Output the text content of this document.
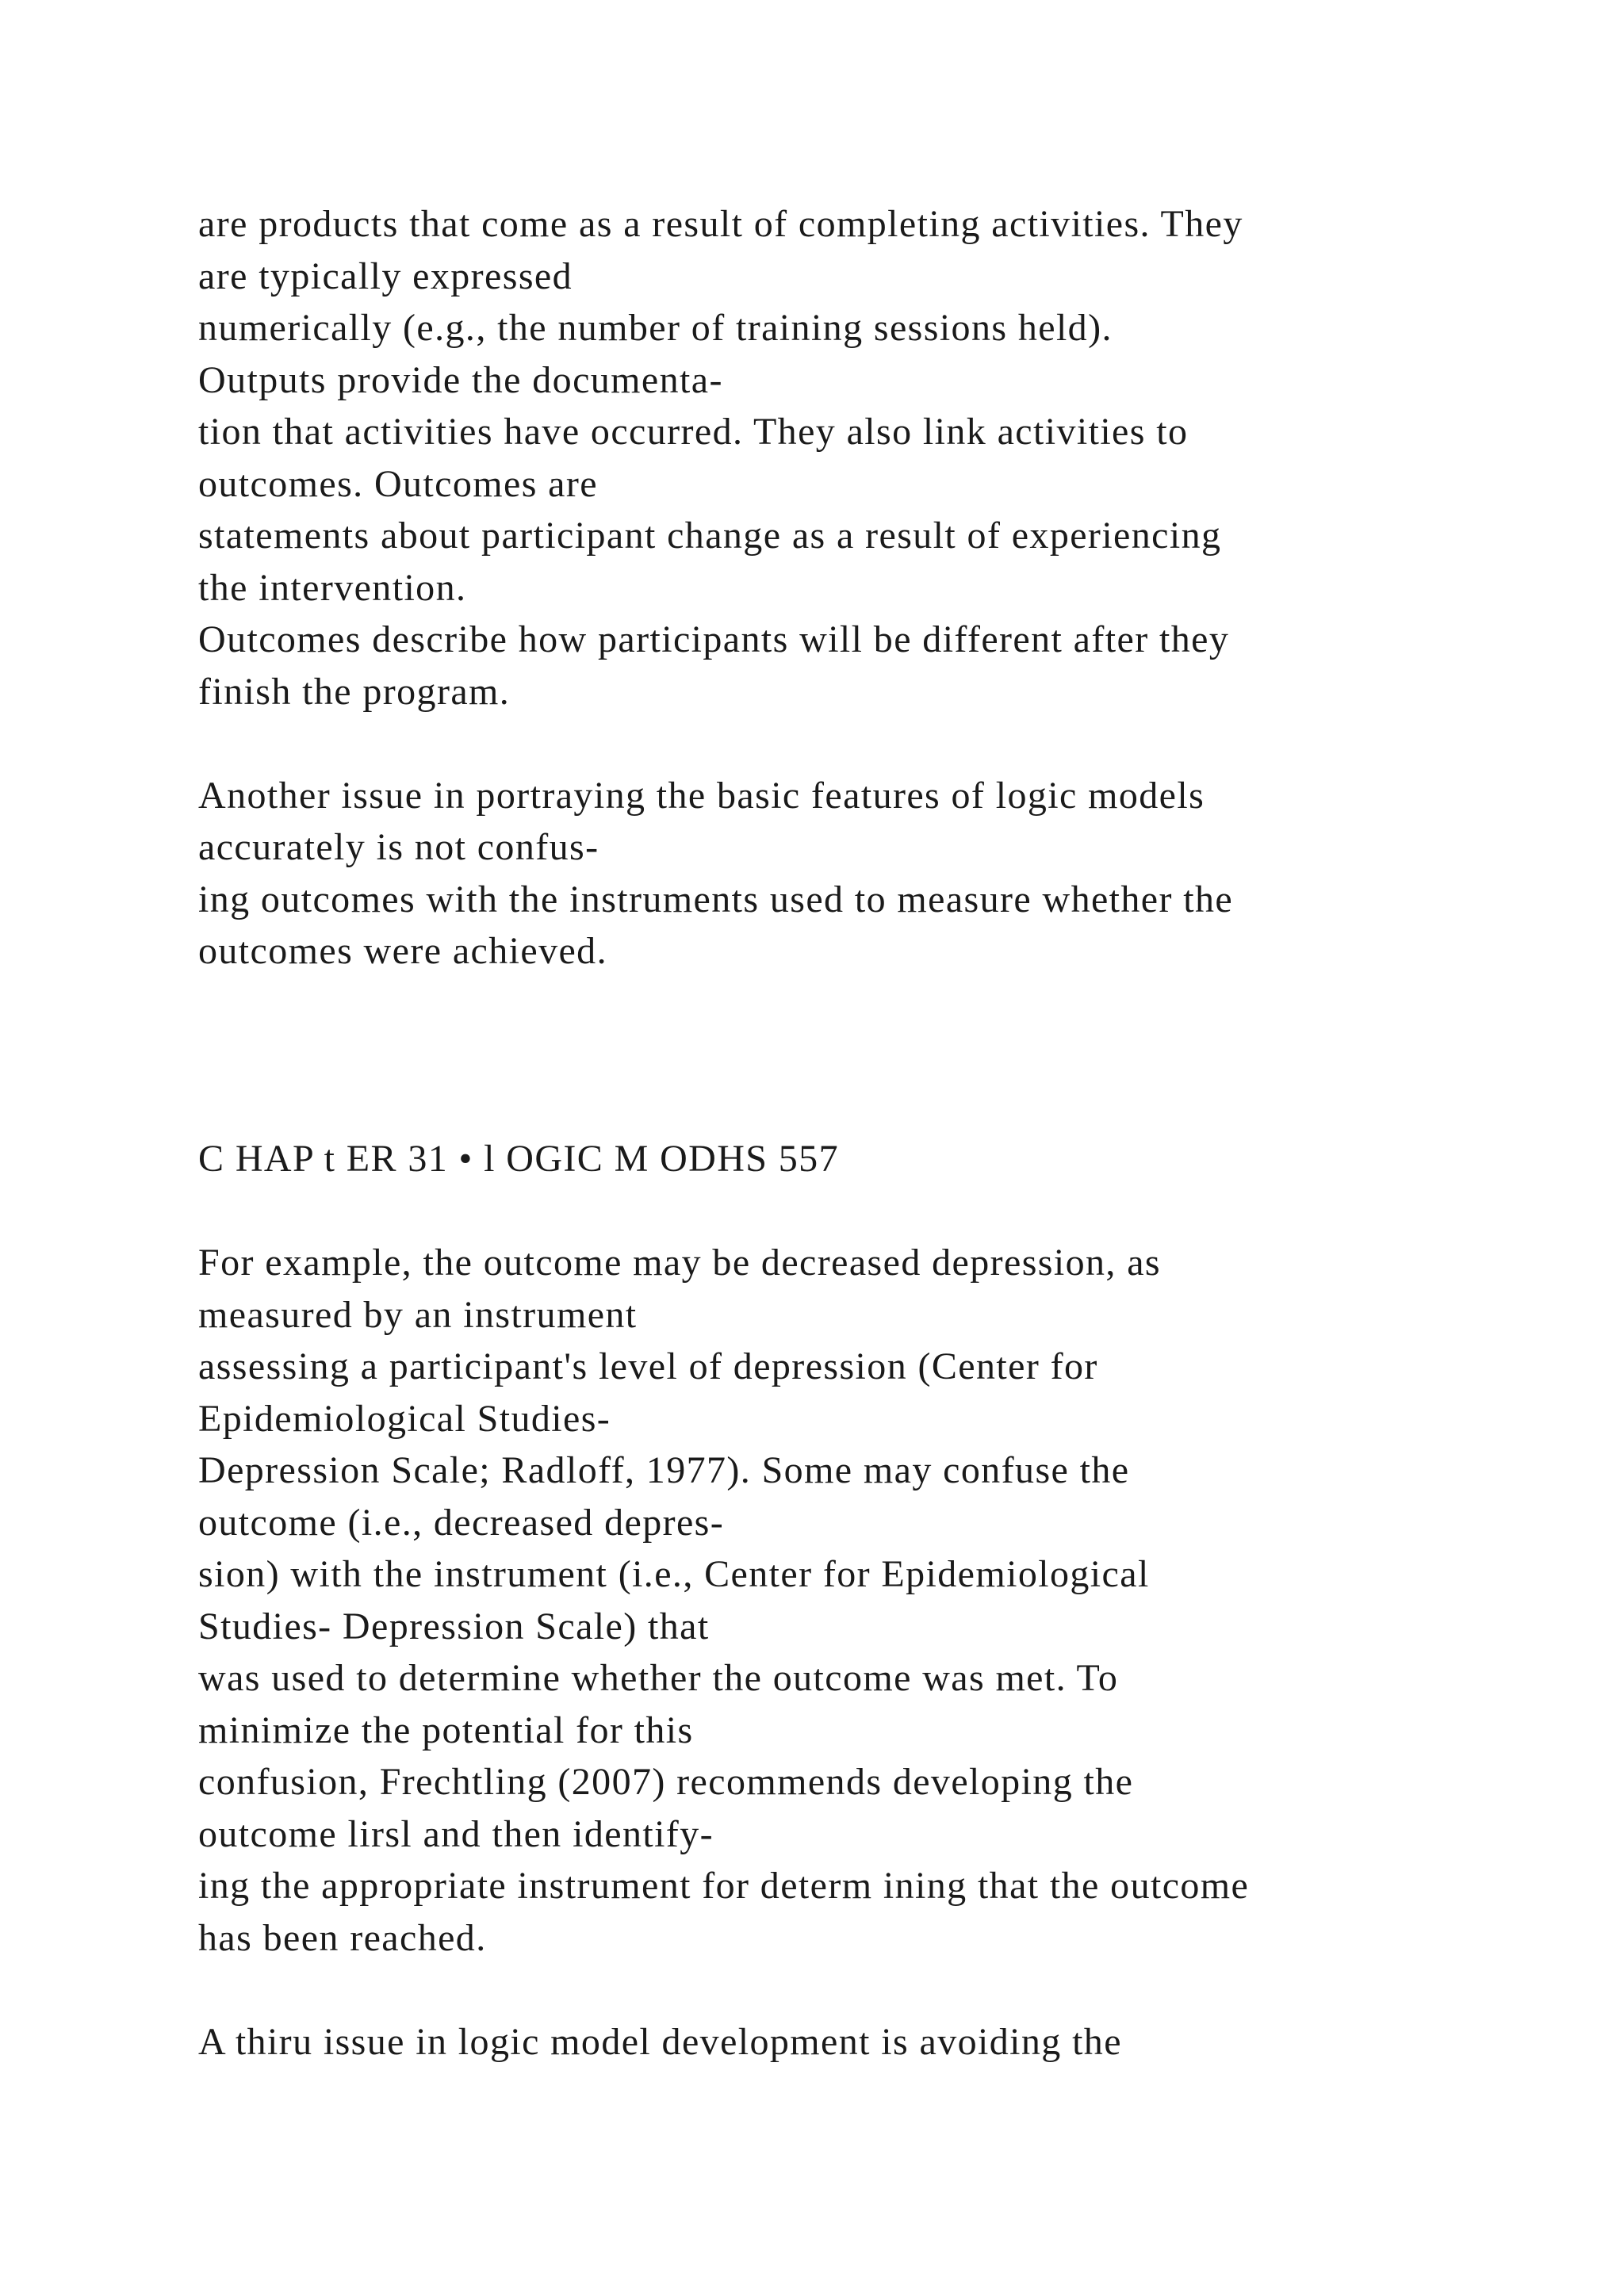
are products that come as a result of completing activities. They
are typically expressed
numerically (e.g., the number of training sessions held).
Outputs provide the documenta-
tion that activities have occurred. They also link activities to
outcomes. Outcomes are
statements about participant change as a result of experiencing
the intervention.
Outcomes describe how participants will be different after they
finish the program.
Another issue in portraying the basic features of logic models
accurately is not confus-
ing outcomes with the instruments used to measure whether the
outcomes were achieved.
C HAP t ER 31 • l OGIC M ODHS 557
For example, the outcome may be decreased depression, as
measured by an instrument
assessing a participant's level of depression (Center for
Epidemiological Studies-
Depression Scale; Radloff, 1977). Some may confuse the
outcome (i.e., decreased depres-
sion) with the instrument (i.e., Center for Epidemiological
Studies- Depression Scale) that
was used to determine whether the outcome was met. To
minimize the potential for this
confusion, Frechtling (2007) recommends developing the
outcome lirsl and then identify-
ing the appropriate instrument for determ ining that the outcome
has been reached.
A thiru issue in logic model development is avoiding the
